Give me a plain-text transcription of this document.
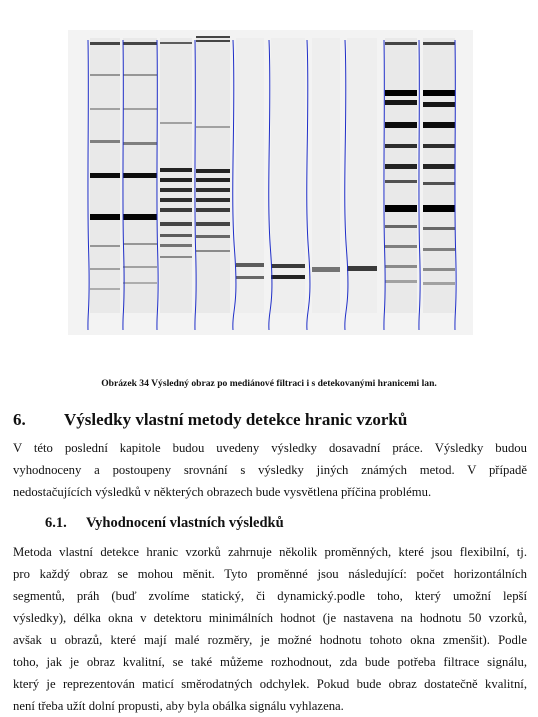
Obrázek 34 Výsledný obraz po mediánové filtraci i s detekovanými hranicemi lan.
6. Výsledky vlastní metody detekce hranic vzorků
V této poslední kapitole budou uvedeny výsledky dosavadní práce. Výsledky budou
vyhodnoceny a postoupeny srovnání s výsledky jiných známých metod. V případě
nedostačujících výsledků v některých obrazech bude vysvětlena příčina problému.
6.1. Vyhodnocení vlastních výsledků
Metoda vlastní detekce hranic vzorků zahrnuje několik proměnných, které jsou flexibilní, tj.
pro každý obraz se mohou měnit. Tyto proměnné jsou následující: počet horizontálních
segmentů, práh (buď zvolíme statický, či dynamický.podle toho, který umožní lepší
výsledky), délka okna v detektoru minimálních hodnot (je nastavena na hodnotu 50 vzorků,
avšak u obrazů, které mají malé rozměry, je možné hodnotu tohoto okna zmenšit). Podle
toho, jak je obraz kvalitní, se také můžeme rozhodnout, zda bude potřeba filtrace signálu,
který je reprezentován maticí směrodatných odchylek. Pokud bude obraz dostatečně kvalitní,
není třeba užít dolní propusti, aby byla obálka signálu vyhlazena.
